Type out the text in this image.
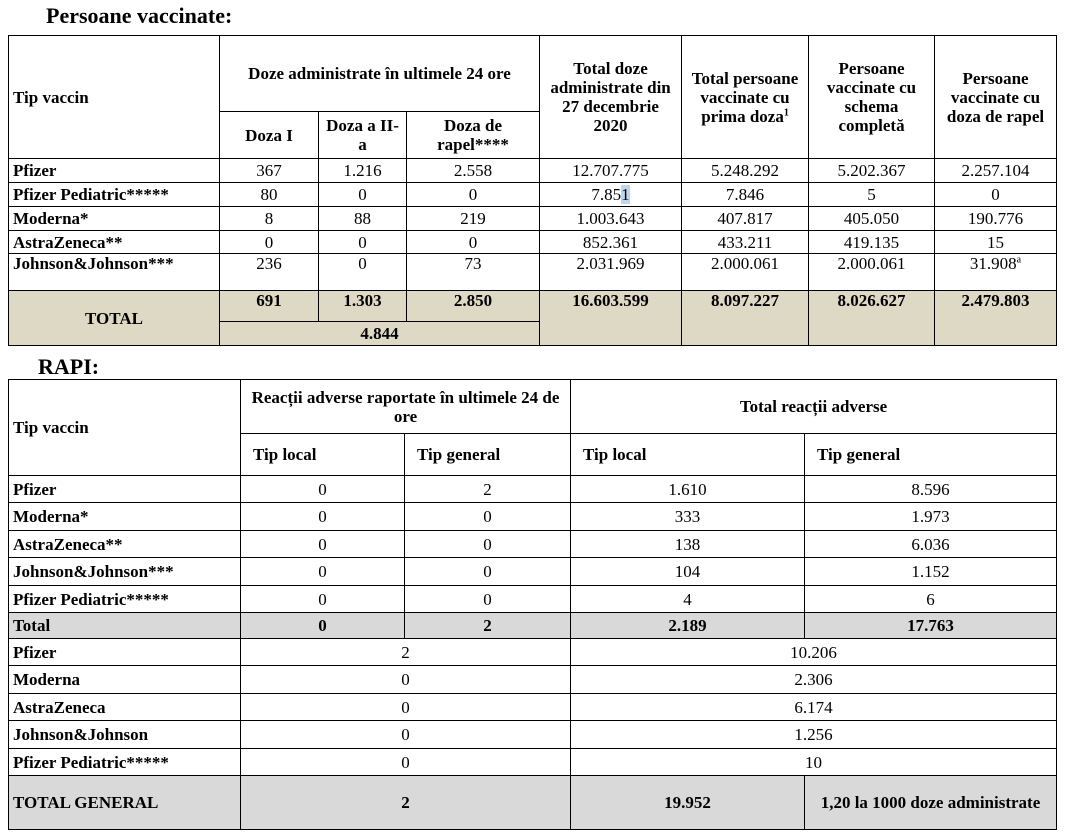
Persoane vaccinate:
Tip vaccin	Doze administrate în ultimele 24 ore			Total doze administrate din 27 decembrie 2020	Total persoane vaccinate cu prima doza$^1$	Persoane vaccinate cu schema completă	Persoane vaccinate cu doza de rapel
	Doza I	Doza a II-a	Doza de rapel****				
Pfizer	367	1.216	2.558	12.707.775	5.248.292	5.202.367	2.257.104
Pfizer Pediatric*****	80	0	0	7.851	7.846	5	0
Moderna*	8	88	219	1.003.643	407.817	405.050	190.776
AstraZeneca**	0	0	0	852.361	433.211	419.135	15
Johnson&Johnson***	236	0	73	2.031.969	2.000.061	2.000.061	31.908$^a$
TOTAL	691	1.303	2.850	16.603.599	8.097.227	8.026.627	2.479.803
	4.844						
RAPI:
Tip vaccin	Reacții adverse raportate în ultimele 24 de ore		Total reacții adverse	
	Tip local	Tip general	Tip local	Tip general
Pfizer	0	2	1.610	8.596
Moderna*	0	0	333	1.973
AstraZeneca**	0	0	138	6.036
Johnson&Johnson***	0	0	104	1.152
Pfizer Pediatric*****	0	0	4	6
Total	0	2	2.189	17.763
Pfizer	2		10.206	
Moderna	0		2.306	
AstraZeneca	0		6.174	
Johnson&Johnson	0		1.256	
Pfizer Pediatric*****	0		10	
TOTAL GENERAL	2		19.952	1,20 la 1000 doze administrate
